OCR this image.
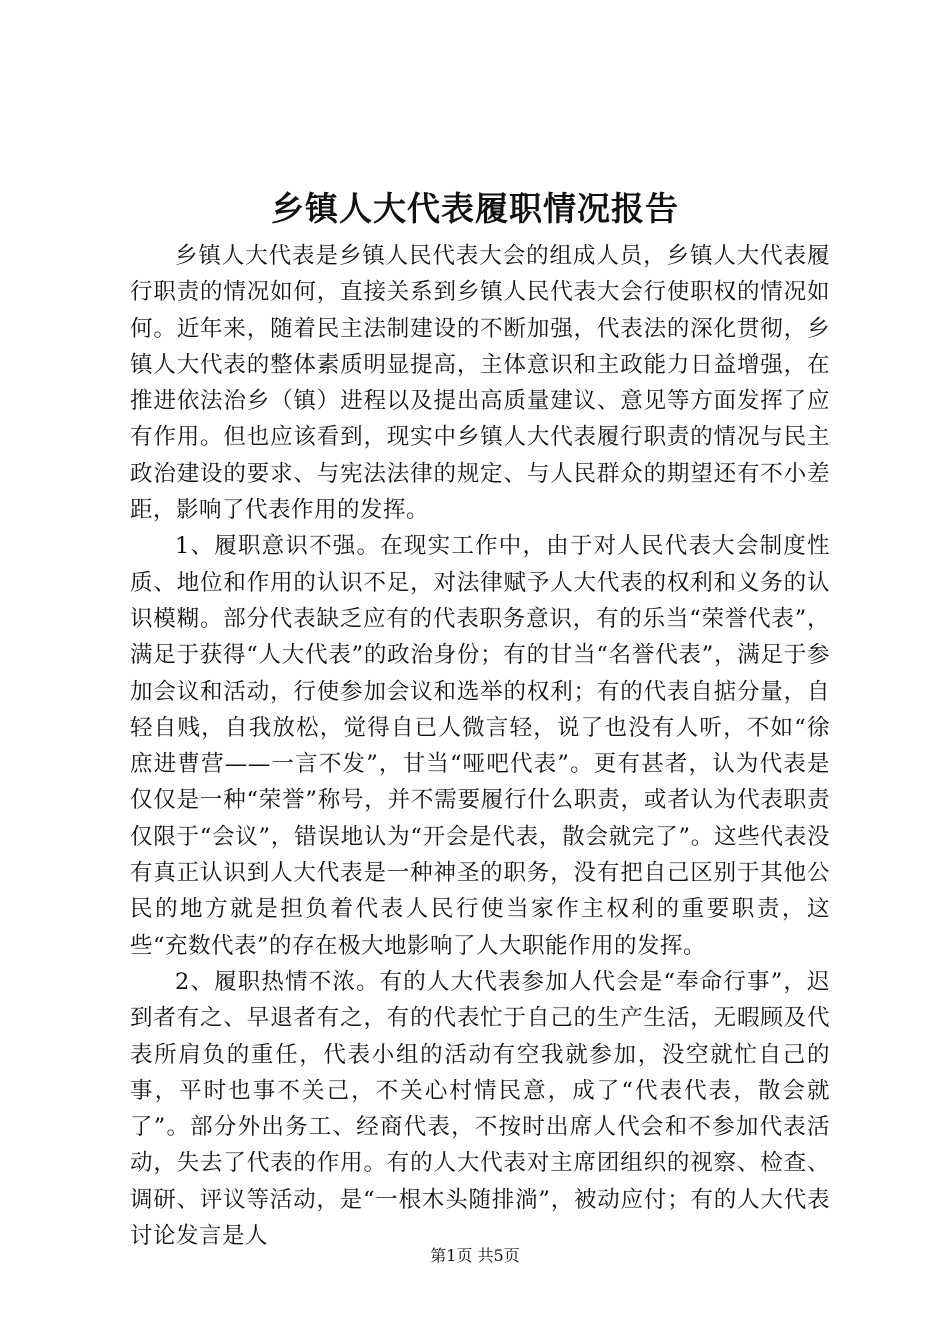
乡镇人大代表履职情况报告

乡镇人大代表是乡镇人民代表大会的组成人员，乡镇人大代表履行职责的情况如何，直接关系到乡镇人民代表大会行使职权的情况如何。近年来，随着民主法制建设的不断加强，代表法的深化贯彻，乡镇人大代表的整体素质明显提高，主体意识和主政能力日益增强，在推进依法治乡（镇）进程以及提出高质量建议、意见等方面发挥了应有作用。但也应该看到，现实中乡镇人大代表履行职责的情况与民主政治建设的要求、与宪法法律的规定、与人民群众的期望还有不小差距，影响了代表作用的发挥。

1、履职意识不强。在现实工作中，由于对人民代表大会制度性质、地位和作用的认识不足，对法律赋予人大代表的权利和义务的认识模糊。部分代表缺乏应有的代表职务意识，有的乐当“荣誉代表”，满足于获得“人大代表”的政治身份；有的甘当“名誉代表”，满足于参加会议和活动，行使参加会议和选举的权利；有的代表自掂分量，自轻自贱，自我放松，觉得自已人微言轻，说了也没有人听，不如“徐庶进曹营——一言不发”，甘当“哑吧代表”。更有甚者，认为代表是仅仅是一种“荣誉”称号，并不需要履行什么职责，或者认为代表职责仅限于“会议”，错误地认为“开会是代表，散会就完了”。这些代表没有真正认识到人大代表是一种神圣的职务，没有把自己区别于其他公民的地方就是担负着代表人民行使当家作主权利的重要职责，这些“充数代表”的存在极大地影响了人大职能作用的发挥。

2、履职热情不浓。有的人大代表参加人代会是“奉命行事”，迟到者有之、早退者有之，有的代表忙于自己的生产生活，无暇顾及代表所肩负的重任，代表小组的活动有空我就参加，没空就忙自己的事，平时也事不关己，不关心村情民意，成了“代表代表，散会就了”。部分外出务工、经商代表，不按时出席人代会和不参加代表活动，失去了代表的作用。有的人大代表对主席团组织的视察、检查、调研、评议等活动，是“一根木头随排淌”，被动应付；有的人大代表讨论发言是人

第1页 共5页
